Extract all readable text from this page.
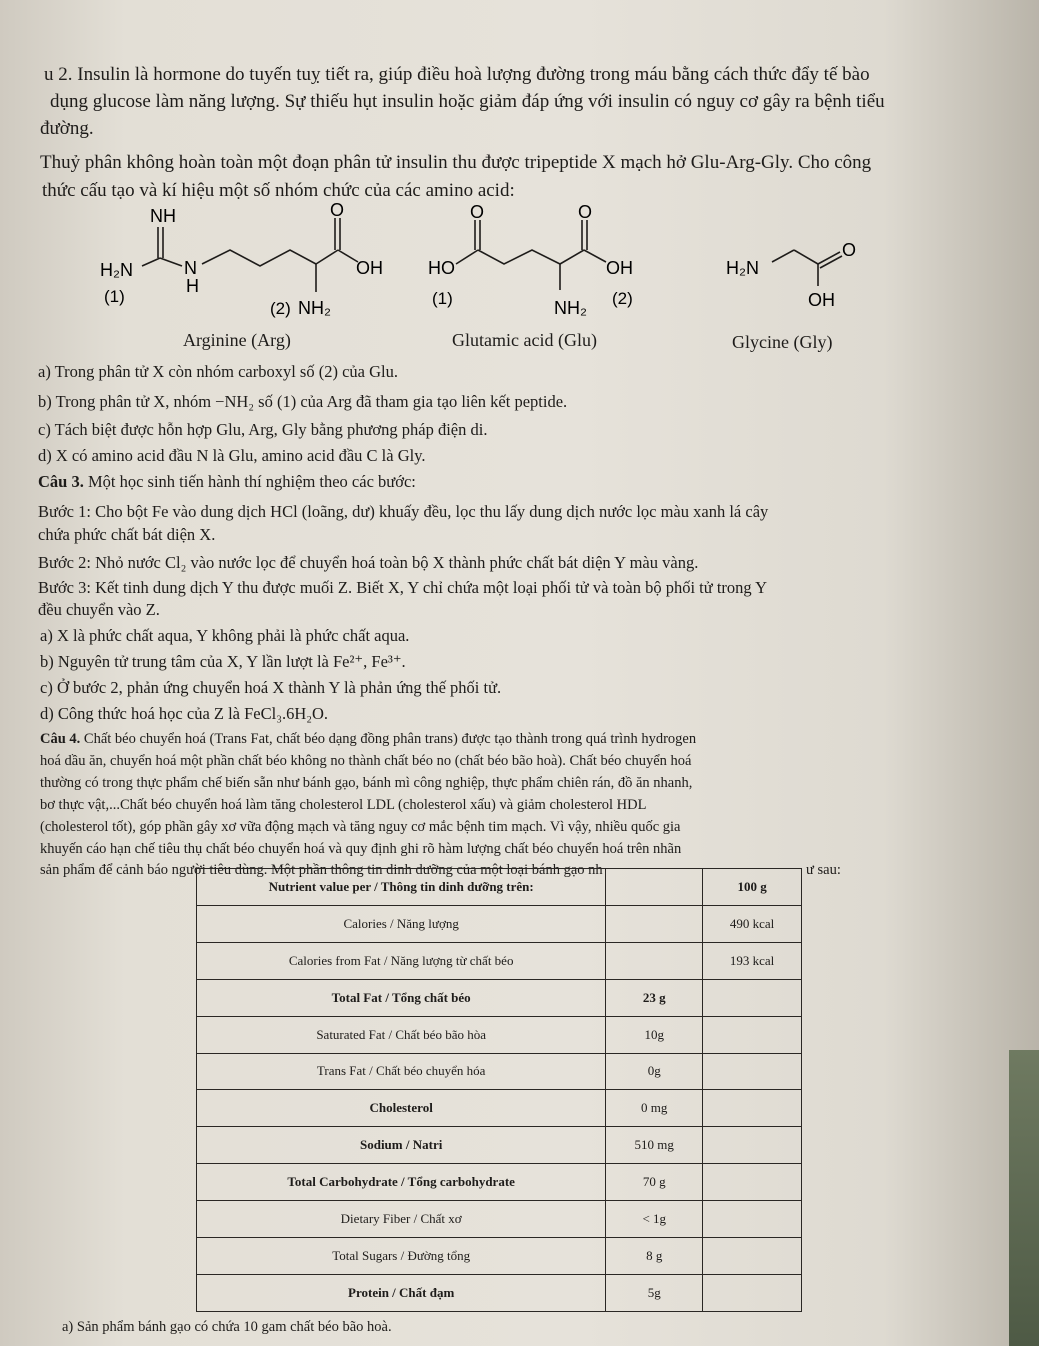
u 2. Insulin là hormone do tuyến tuỵ tiết ra, giúp điều hoà lượng đường trong máu bằng cách thức đẩy tế bào
dụng glucose làm năng lượng. Sự thiếu hụt insulin hoặc giảm đáp ứng với insulin có nguy cơ gây ra bệnh tiểu
đường.
Thuỷ phân không hoàn toàn một đoạn phân tử insulin thu được tripeptide X mạch hở Glu-Arg-Gly. Cho công
thức cấu tạo và kí hiệu một số nhóm chức của các amino acid:
NH
H₂N	N
H
O
OH
(1)
(2) NH₂
Arginine (Arg)
O	O
HO	OH
(1)	NH₂ (2)
Glutamic acid (Glu)
H₂N
O
OH
Glycine (Gly)
a) Trong phân tử X còn nhóm carboxyl số (2) của Glu.
b) Trong phân tử X, nhóm −NH₂ số (1) của Arg đã tham gia tạo liên kết peptide.
c) Tách biệt được hỗn hợp Glu, Arg, Gly bằng phương pháp điện di.
d) X có amino acid đầu N là Glu, amino acid đầu C là Gly.
Câu 3. Một học sinh tiến hành thí nghiệm theo các bước:
Bước 1: Cho bột Fe vào dung dịch HCl (loãng, dư) khuấy đều, lọc thu lấy dung dịch nước lọc màu xanh lá cây
chứa phức chất bát diện X.
Bước 2: Nhỏ nước Cl₂ vào nước lọc để chuyển hoá toàn bộ X thành phức chất bát diện Y màu vàng.
Bước 3: Kết tinh dung dịch Y thu được muối Z. Biết X, Y chỉ chứa một loại phối tử và toàn bộ phối tử trong Y
đều chuyển vào Z.
a) X là phức chất aqua, Y không phải là phức chất aqua.
b) Nguyên tử trung tâm của X, Y lần lượt là Fe²⁺, Fe³⁺.
c) Ở bước 2, phản ứng chuyển hoá X thành Y là phản ứng thế phối tử.
d) Công thức hoá học của Z là FeCl₃.6H₂O.
Câu 4. Chất béo chuyển hoá (Trans Fat, chất béo dạng đồng phân trans) được tạo thành trong quá trình hydrogen
hoá dầu ăn, chuyển hoá một phần chất béo không no thành chất béo no (chất béo bão hoà). Chất béo chuyển hoá
thường có trong thực phẩm chế biến sẵn như bánh gạo, bánh mì công nghiệp, thực phẩm chiên rán, đồ ăn nhanh,
bơ thực vật,...Chất béo chuyển hoá làm tăng cholesterol LDL (cholesterol xấu) và giảm cholesterol HDL
(cholesterol tốt), góp phần gây xơ vữa động mạch và tăng nguy cơ mắc bệnh tim mạch. Vì vậy, nhiều quốc gia
khuyến cáo hạn chế tiêu thụ chất béo chuyển hoá và quy định ghi rõ hàm lượng chất béo chuyển hoá trên nhãn
sản phẩm để cảnh báo người tiêu dùng. Một phần thông tin dinh dưỡng của một loại bánh gạo nh	ư sau:
Nutrient value per / Thông tin dinh dưỡng trên:		100 g
Calories / Năng lượng		490 kcal
Calories from Fat / Năng lượng từ chất béo		193 kcal
Total Fat / Tổng chất béo	23 g	
Saturated Fat / Chất béo bão hòa	10g	
Trans Fat / Chất béo chuyển hóa	0g	
Cholesterol	0 mg	
Sodium / Natri	510 mg	
Total Carbohydrate / Tổng carbohydrate	70 g	
Dietary Fiber / Chất xơ	< 1g	
Total Sugars / Đường tổng	8 g	
Protein / Chất đạm	5g	
a) Sản phẩm bánh gạo có chứa 10 gam chất béo bão hoà.
